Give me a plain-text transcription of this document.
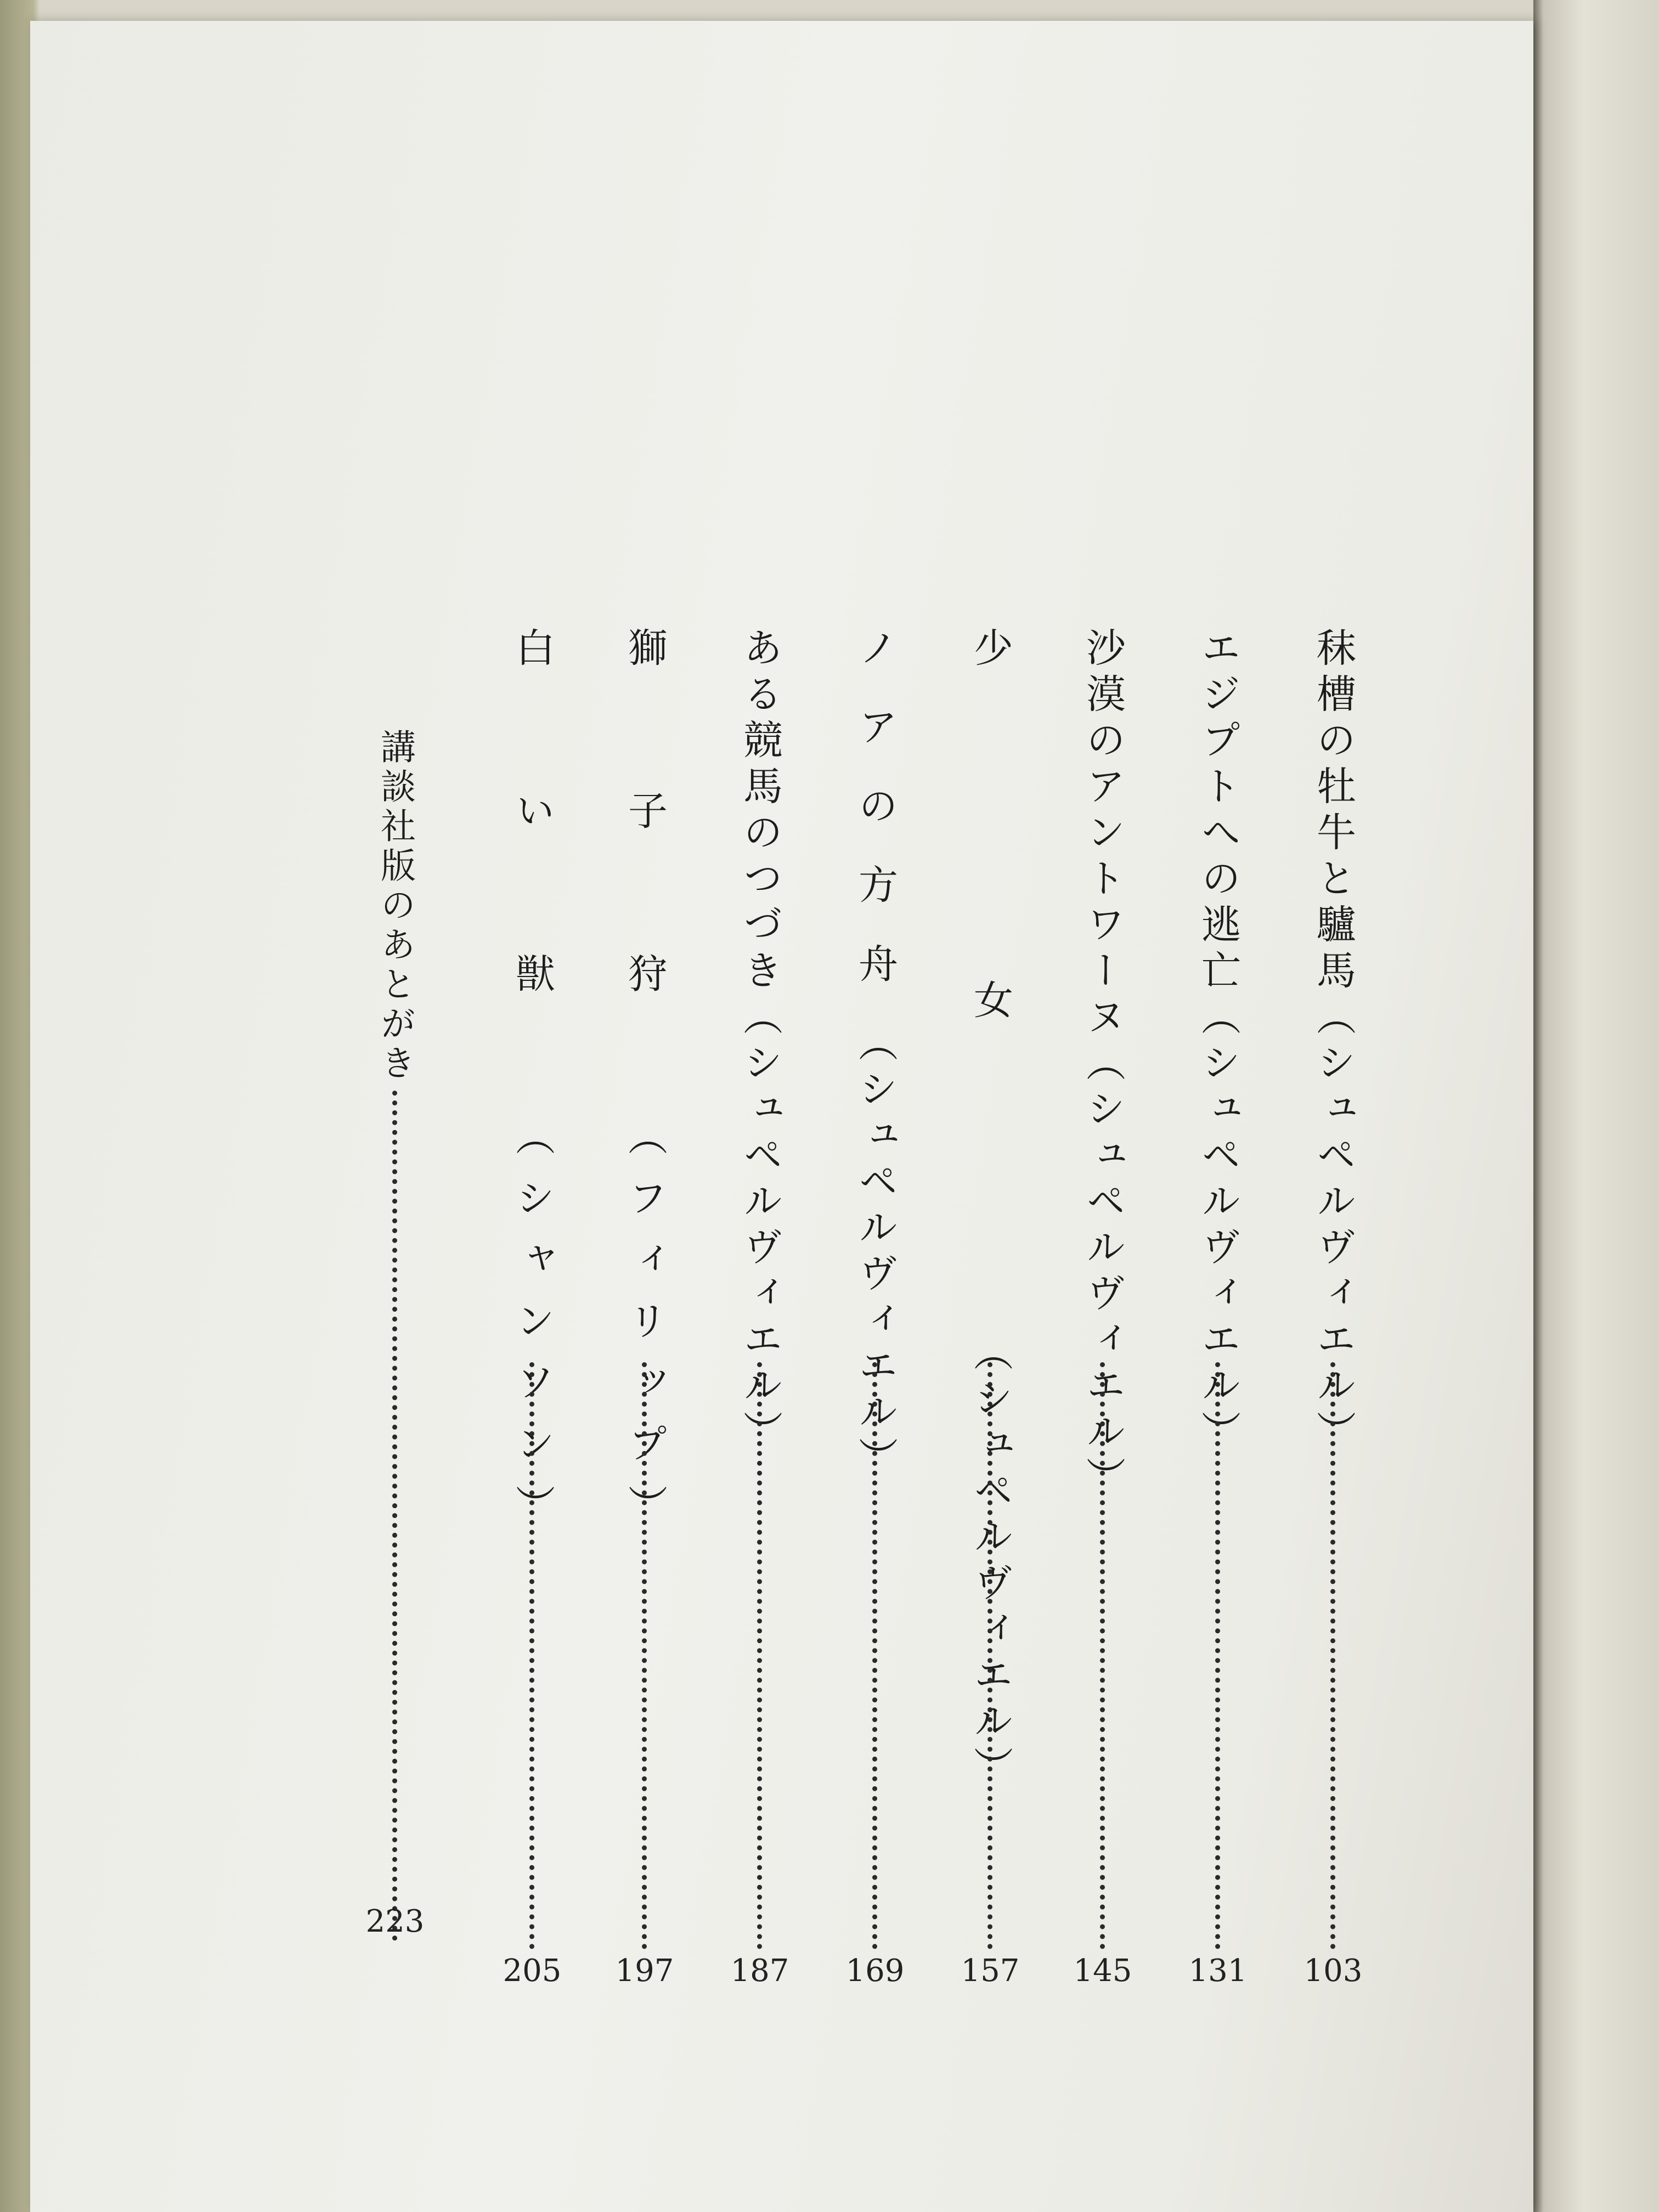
秣槽の牡牛と驢馬（シュペルヴィエル）
103
エジプトへの逃亡（シュペルヴィエル）
131
沙漠のアントワーヌ（シュペルヴィエル）
145
少女（シュペルヴィエル）
157
ノアの方舟（シュペルヴィエル）
169
ある競馬のつづき（シュペルヴィエル）
187
獅子狩（フィリップ）
197
白い獣（シャンソン）
205
講談社版のあとがき
223
